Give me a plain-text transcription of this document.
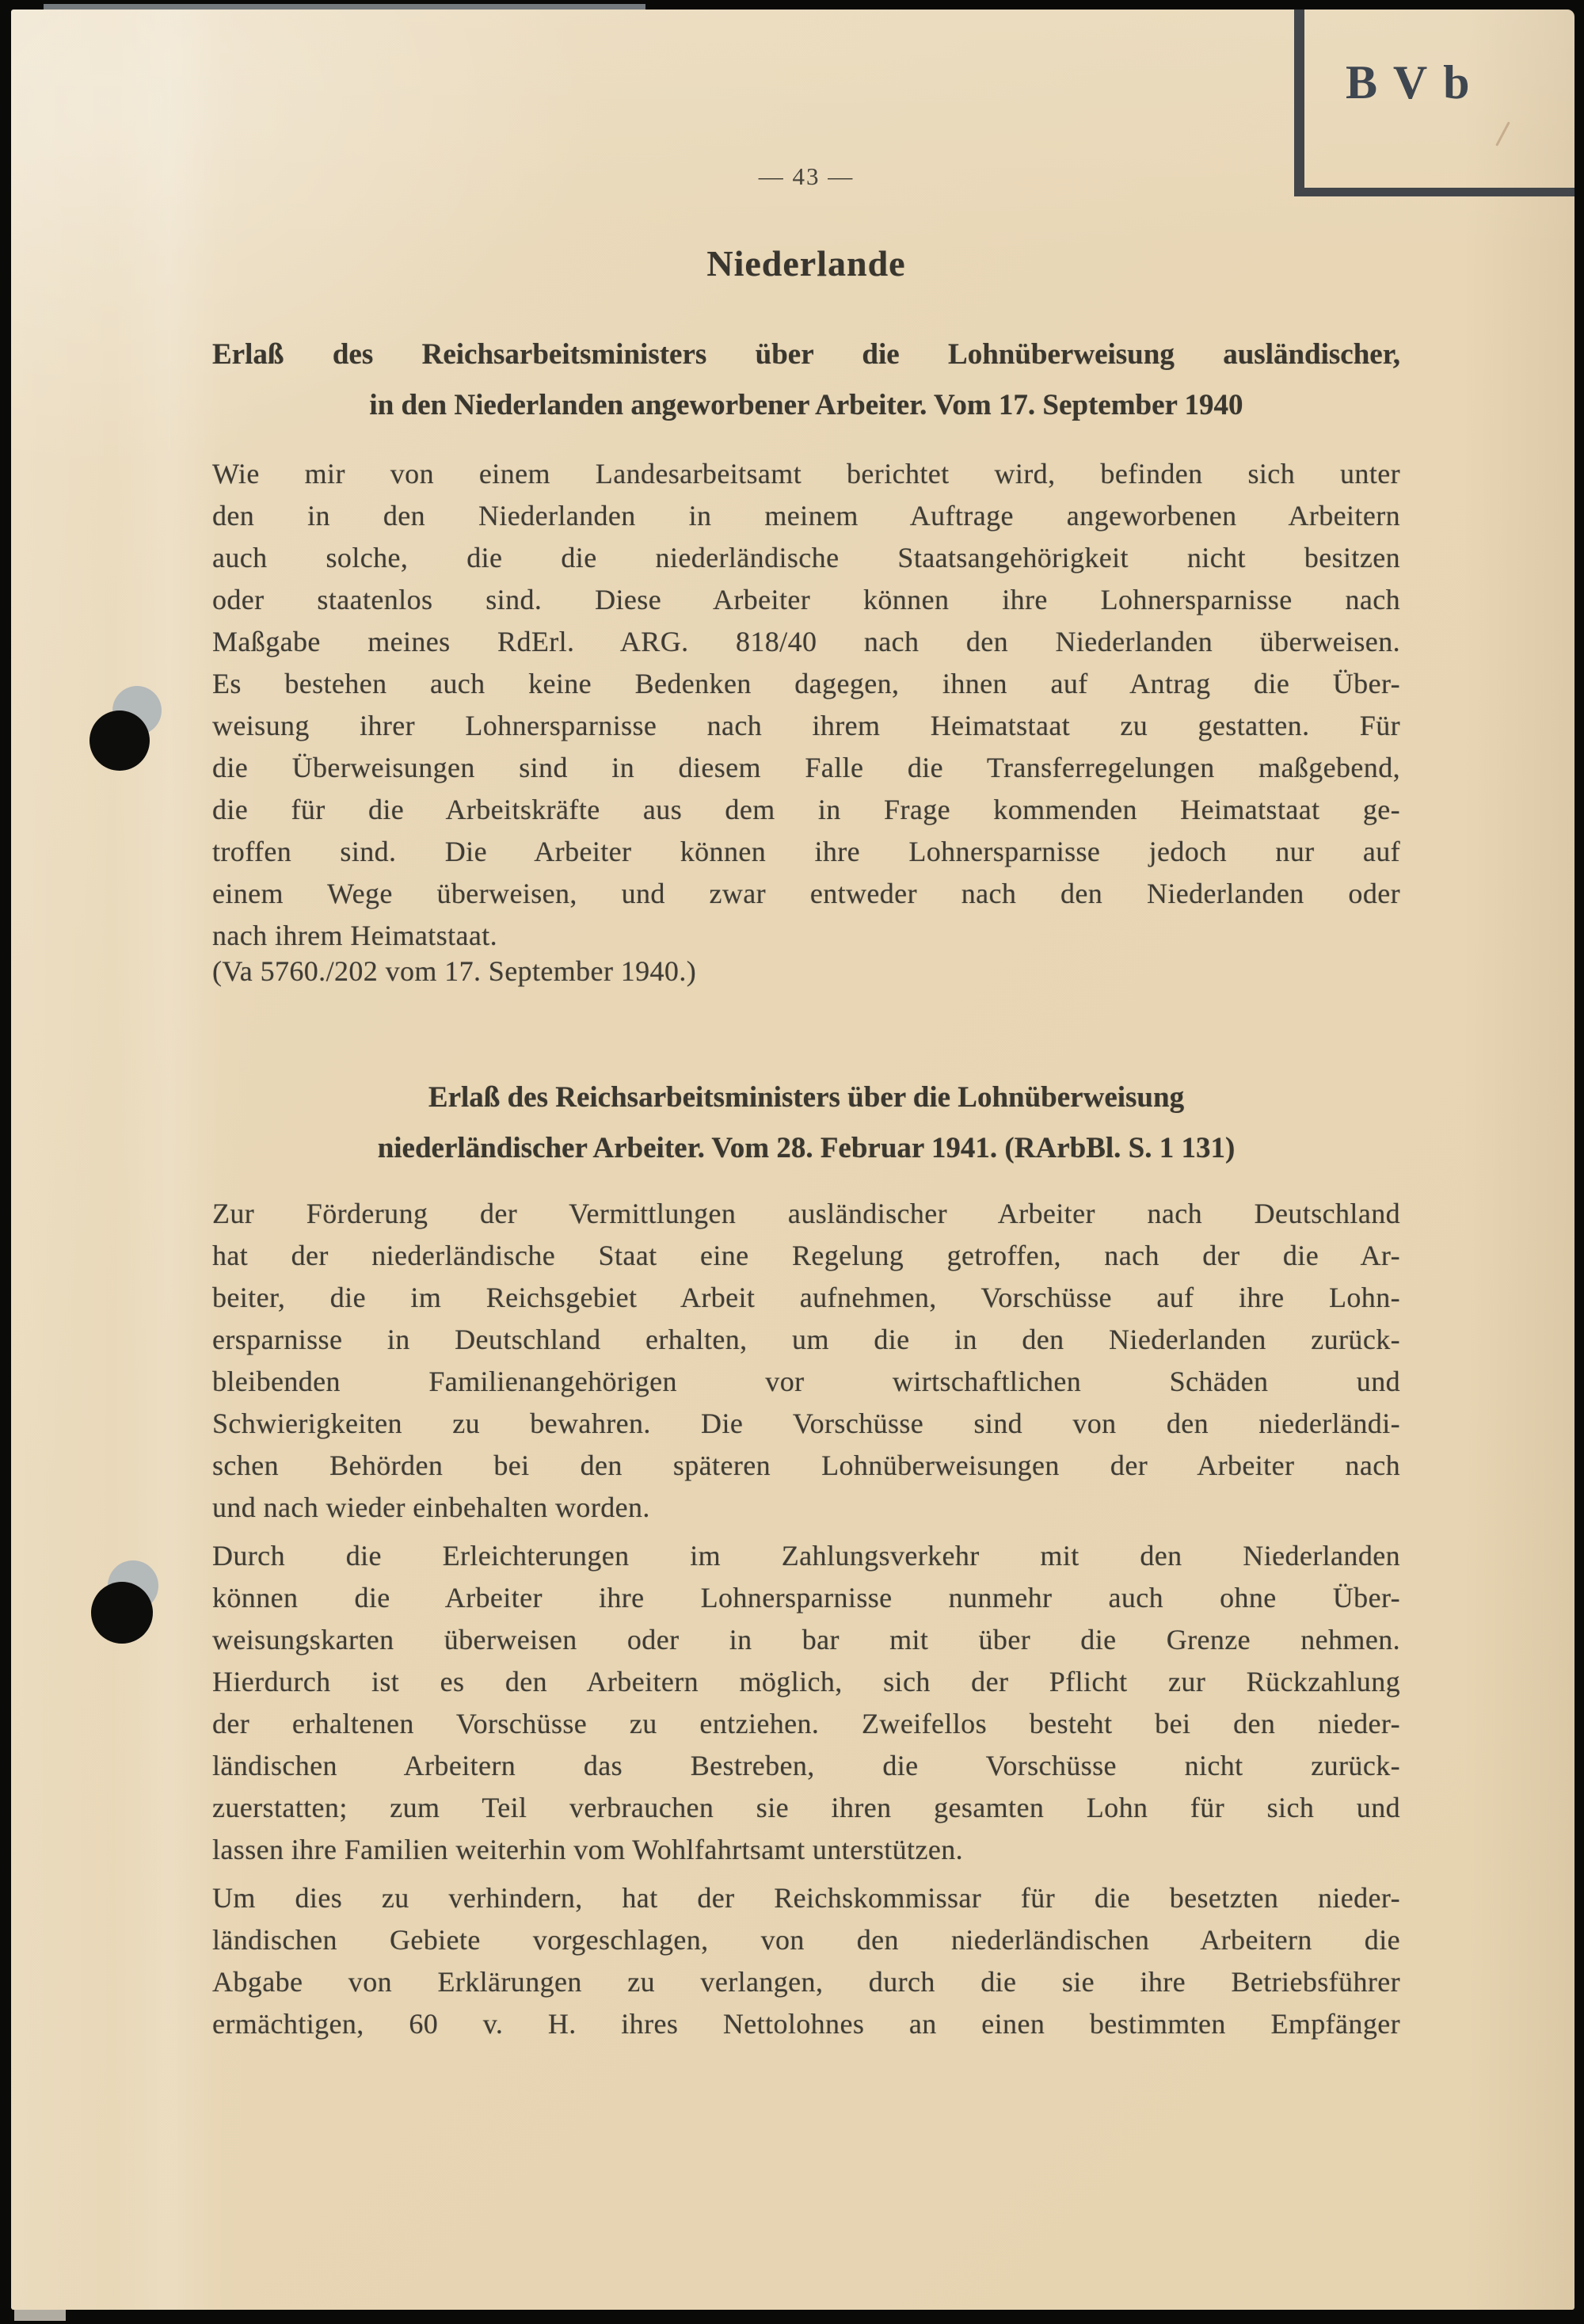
B V b
— 43 —
Niederlande
Erlaß des Reichsarbeitsministers über die Lohnüberweisung ausländischer,
in den Niederlanden angeworbener Arbeiter. Vom 17. September 1940
Wie mir von einem Landesarbeitsamt berichtet wird, befinden sich unter
den in den Niederlanden in meinem Auftrage angeworbenen Arbeitern
auch solche, die die niederländische Staatsangehörigkeit nicht besitzen
oder staatenlos sind. Diese Arbeiter können ihre Lohnersparnisse nach
Maßgabe meines RdErl. ARG. 818/40 nach den Niederlanden überweisen.
Es bestehen auch keine Bedenken dagegen, ihnen auf Antrag die Über-
weisung ihrer Lohnersparnisse nach ihrem Heimatstaat zu gestatten. Für
die Überweisungen sind in diesem Falle die Transferregelungen maßgebend,
die für die Arbeitskräfte aus dem in Frage kommenden Heimatstaat ge-
troffen sind. Die Arbeiter können ihre Lohnersparnisse jedoch nur auf
einem Wege überweisen, und zwar entweder nach den Niederlanden oder
nach ihrem Heimatstaat.
(Va 5760./202 vom 17. September 1940.)
Erlaß des Reichsarbeitsministers über die Lohnüberweisung
niederländischer Arbeiter. Vom 28. Februar 1941. (RArbBl. S. 1 131)
Zur Förderung der Vermittlungen ausländischer Arbeiter nach Deutschland
hat der niederländische Staat eine Regelung getroffen, nach der die Ar-
beiter, die im Reichsgebiet Arbeit aufnehmen, Vorschüsse auf ihre Lohn-
ersparnisse in Deutschland erhalten, um die in den Niederlanden zurück-
bleibenden Familienangehörigen vor wirtschaftlichen Schäden und
Schwierigkeiten zu bewahren. Die Vorschüsse sind von den niederländi-
schen Behörden bei den späteren Lohnüberweisungen der Arbeiter nach
und nach wieder einbehalten worden.
Durch die Erleichterungen im Zahlungsverkehr mit den Niederlanden
können die Arbeiter ihre Lohnersparnisse nunmehr auch ohne Über-
weisungskarten überweisen oder in bar mit über die Grenze nehmen.
Hierdurch ist es den Arbeitern möglich, sich der Pflicht zur Rückzahlung
der erhaltenen Vorschüsse zu entziehen. Zweifellos besteht bei den nieder-
ländischen Arbeitern das Bestreben, die Vorschüsse nicht zurück-
zuerstatten; zum Teil verbrauchen sie ihren gesamten Lohn für sich und
lassen ihre Familien weiterhin vom Wohlfahrtsamt unterstützen.
Um dies zu verhindern, hat der Reichskommissar für die besetzten nieder-
ländischen Gebiete vorgeschlagen, von den niederländischen Arbeitern die
Abgabe von Erklärungen zu verlangen, durch die sie ihre Betriebsführer
ermächtigen, 60 v. H. ihres Nettolohnes an einen bestimmten Empfänger
